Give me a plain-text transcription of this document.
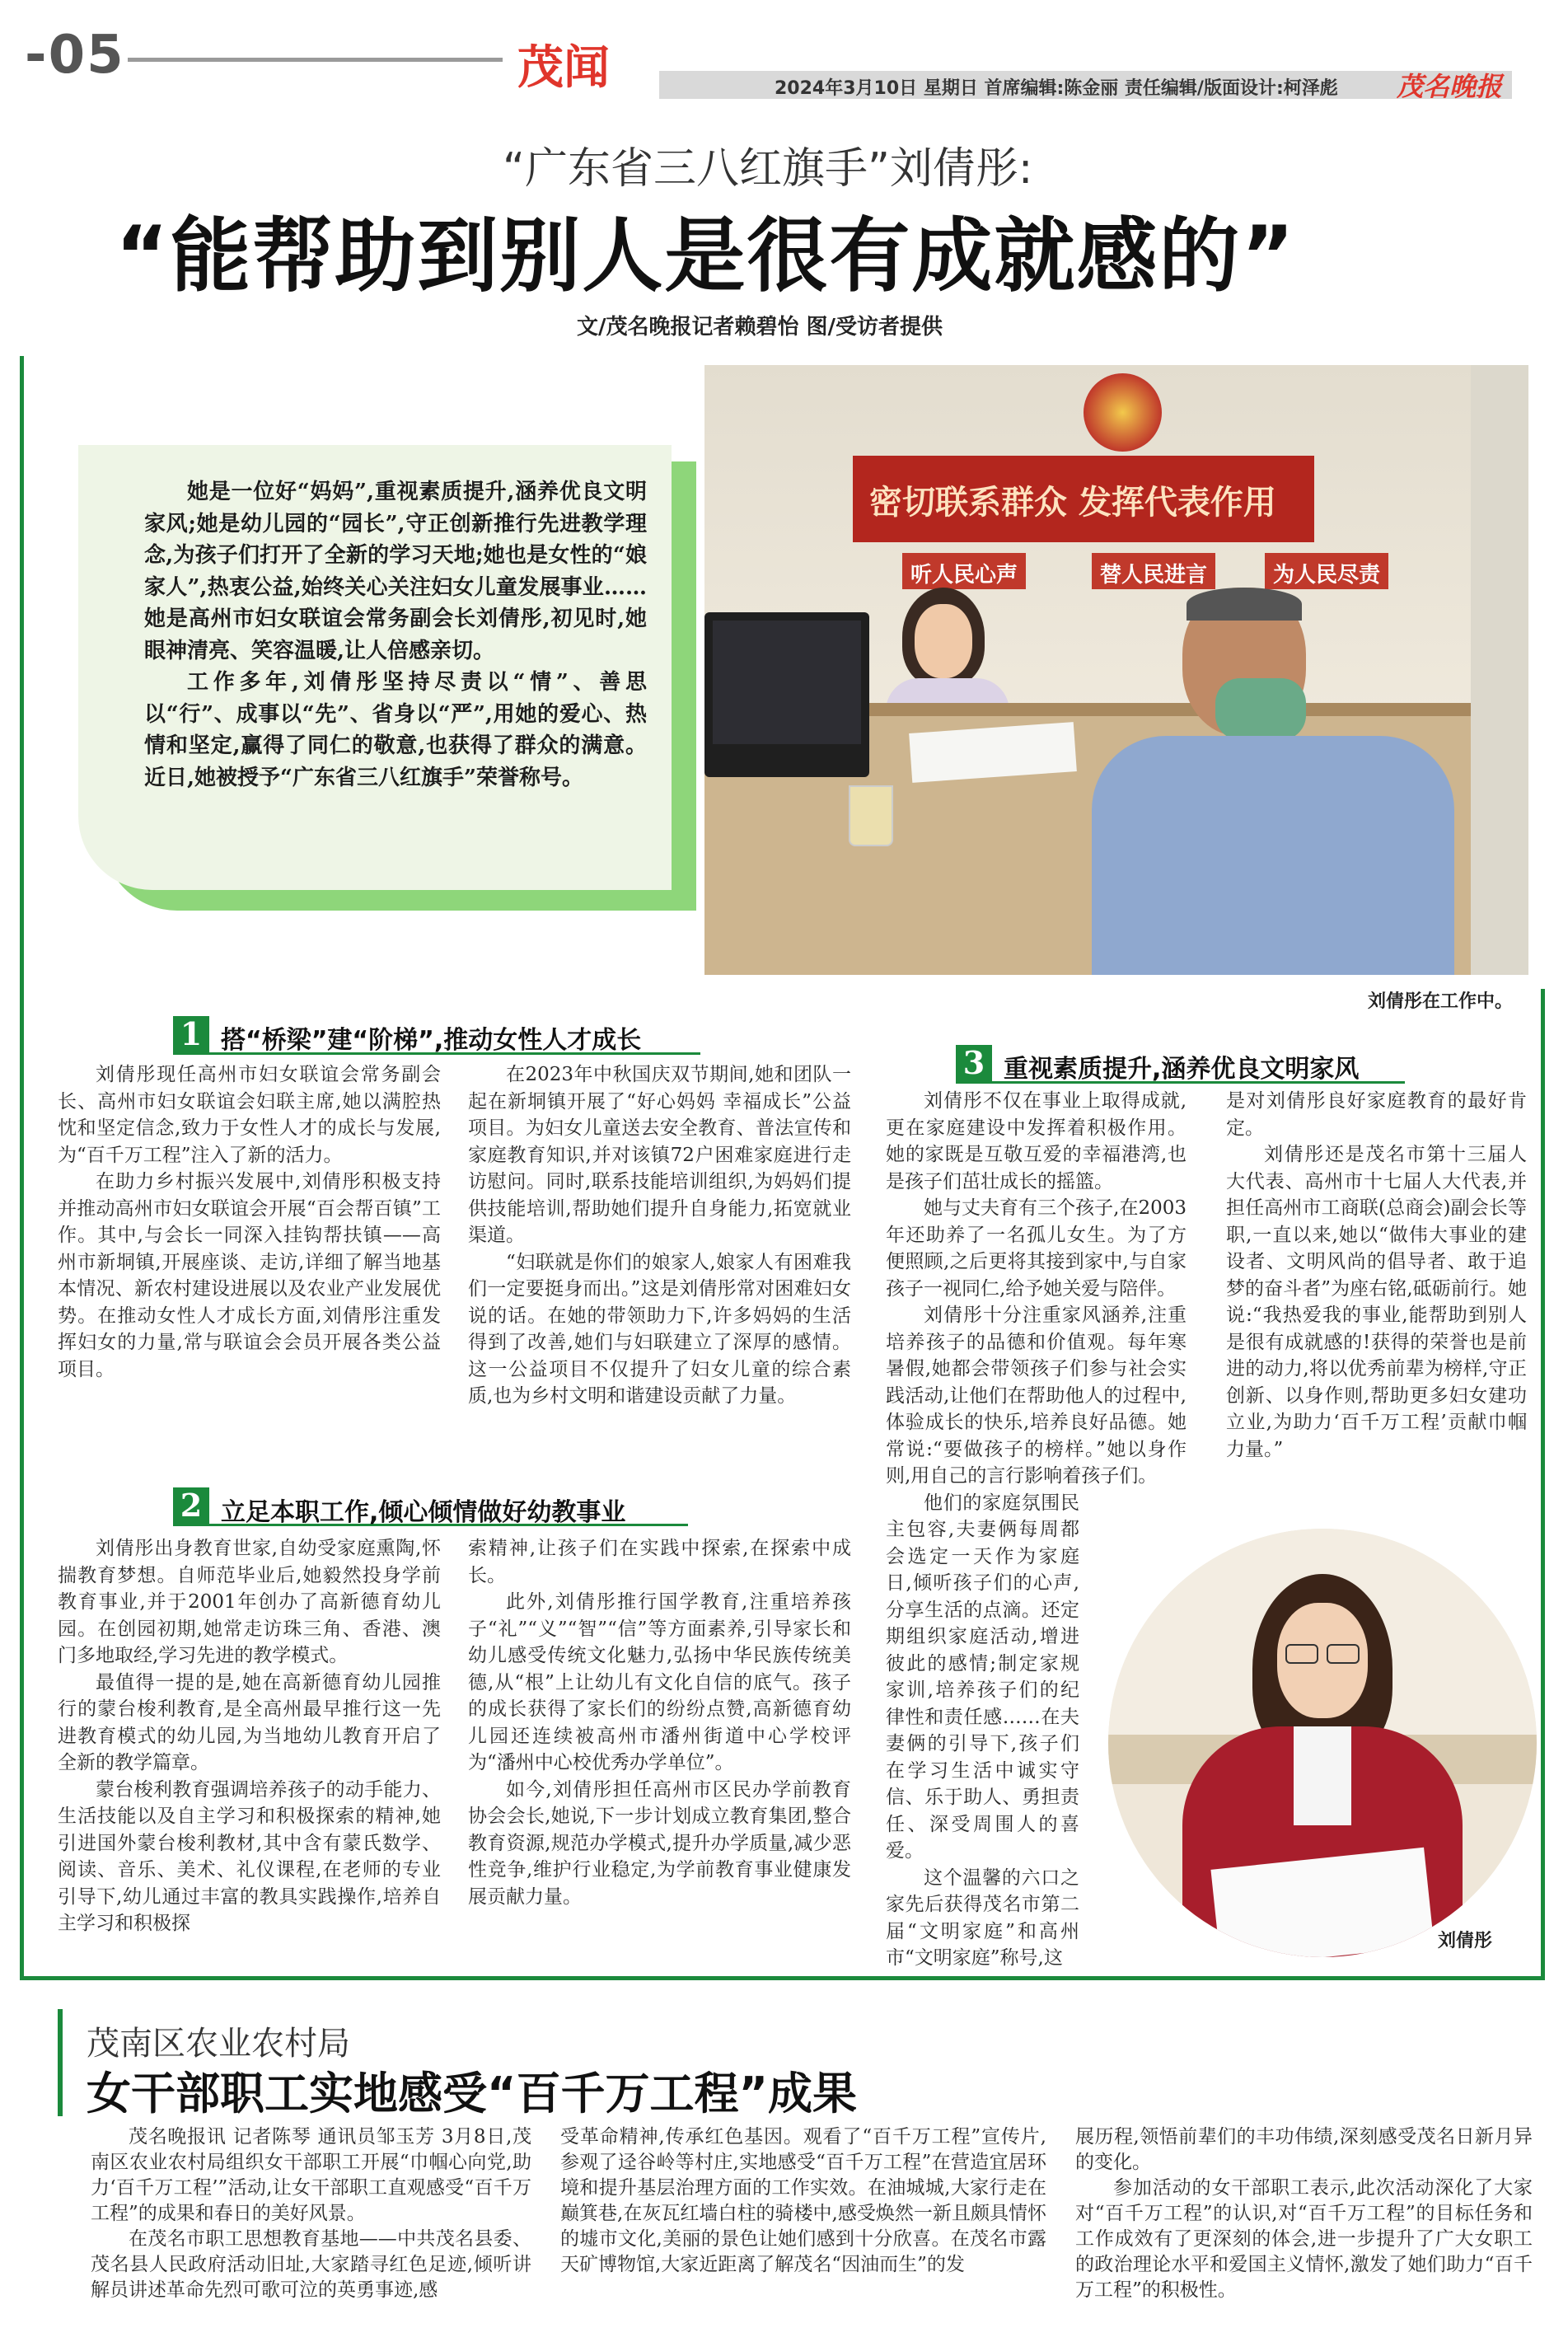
-05	茂闻	2024年3月10日 星期日 首席编辑:陈金丽 责任编辑/版面设计:柯泽彪 茂名晚报
“广东省三八红旗手”刘倩彤:
“能帮助到别人是很有成就感的”
文/茂名晚报记者赖碧怡 图/受访者提供

她是一位好“妈妈”,重视素质提升,涵养优良文明家风;她是幼儿园的“园长”,守正创新推行先进教学理念,为孩子们打开了全新的学习天地;她也是女性的“娘家人”,热衷公益,始终关心关注妇女儿童发展事业……她是高州市妇女联谊会常务副会长刘倩彤,初见时,她眼神清亮、笑容温暖,让人倍感亲切。

工作多年,刘倩彤坚持尽责以“情”、善思以“行”、成事以“先”、省身以“严”,用她的爱心、热情和坚定,赢得了同仁的敬意,也获得了群众的满意。近日,她被授予“广东省三八红旗手”荣誉称号。

密切联系群众 发挥代表作用
听人民心声	替人民进言	为人民尽责
刘倩彤在工作中。
1 搭“桥梁”建“阶梯”,推动女性人才成长

刘倩彤现任高州市妇女联谊会常务副会长、高州市妇女联谊会妇联主席,她以满腔热忱和坚定信念,致力于女性人才的成长与发展,为“百千万工程”注入了新的活力。

在助力乡村振兴发展中,刘倩彤积极支持并推动高州市妇女联谊会开展“百会帮百镇”工作。其中,与会长一同深入挂钩帮扶镇——高州市新垌镇,开展座谈、走访,详细了解当地基本情况、新农村建设进展以及农业产业发展优势。在推动女性人才成长方面,刘倩彤注重发挥妇女的力量,常与联谊会会员开展各类公益项目。

在2023年中秋国庆双节期间,她和团队一起在新垌镇开展了“好心妈妈 幸福成长”公益项目。为妇女儿童送去安全教育、普法宣传和家庭教育知识,并对该镇72户困难家庭进行走访慰问。同时,联系技能培训组织,为妈妈们提供技能培训,帮助她们提升自身能力,拓宽就业渠道。

“妇联就是你们的娘家人,娘家人有困难我们一定要挺身而出。”这是刘倩彤常对困难妇女说的话。在她的带领助力下,许多妈妈的生活得到了改善,她们与妇联建立了深厚的感情。这一公益项目不仅提升了妇女儿童的综合素质,也为乡村文明和谐建设贡献了力量。

2 立足本职工作,倾心倾情做好幼教事业

刘倩彤出身教育世家,自幼受家庭熏陶,怀揣教育梦想。自师范毕业后,她毅然投身学前教育事业,并于2001年创办了高新德育幼儿园。在创园初期,她常走访珠三角、香港、澳门多地取经,学习先进的教学模式。

最值得一提的是,她在高新德育幼儿园推行的蒙台梭利教育,是全高州最早推行这一先进教育模式的幼儿园,为当地幼儿教育开启了全新的教学篇章。

蒙台梭利教育强调培养孩子的动手能力、生活技能以及自主学习和积极探索的精神,她引进国外蒙台梭利教材,其中含有蒙氏数学、阅读、音乐、美术、礼仪课程,在老师的专业引导下,幼儿通过丰富的教具实践操作,培养自主学习和积极探

索精神,让孩子们在实践中探索,在探索中成长。

此外,刘倩彤推行国学教育,注重培养孩子“礼”“义”“智”“信”等方面素养,引导家长和幼儿感受传统文化魅力,弘扬中华民族传统美德,从“根”上让幼儿有文化自信的底气。孩子的成长获得了家长们的纷纷点赞,高新德育幼儿园还连续被高州市潘州街道中心学校评为“潘州中心校优秀办学单位”。

如今,刘倩彤担任高州市区民办学前教育协会会长,她说,下一步计划成立教育集团,整合教育资源,规范办学模式,提升办学质量,减少恶性竞争,维护行业稳定,为学前教育事业健康发展贡献力量。

3 重视素质提升,涵养优良文明家风

刘倩彤不仅在事业上取得成就,更在家庭建设中发挥着积极作用。她的家既是互敬互爱的幸福港湾,也是孩子们茁壮成长的摇篮。

她与丈夫育有三个孩子,在2003年还助养了一名孤儿女生。为了方便照顾,之后更将其接到家中,与自家孩子一视同仁,给予她关爱与陪伴。

刘倩彤十分注重家风涵养,注重培养孩子的品德和价值观。每年寒暑假,她都会带领孩子们参与社会实践活动,让他们在帮助他人的过程中,体验成长的快乐,培养良好品德。她常说:“要做孩子的榜样。”她以身作则,用自己的言行影响着孩子们。

他们的家庭氛围民主包容,夫妻俩每周都会选定一天作为家庭日,倾听孩子们的心声,分享生活的点滴。还定期组织家庭活动,增进彼此的感情;制定家规家训,培养孩子们的纪律性和责任感……在夫妻俩的引导下,孩子们在学习生活中诚实守信、乐于助人、勇担责任、深受周围人的喜爱。

这个温馨的六口之家先后获得茂名市第二届“文明家庭”和高州市“文明家庭”称号,这

是对刘倩彤良好家庭教育的最好肯定。

刘倩彤还是茂名市第十三届人大代表、高州市十七届人大代表,并担任高州市工商联(总商会)副会长等职,一直以来,她以“做伟大事业的建设者、文明风尚的倡导者、敢于追梦的奋斗者”为座右铭,砥砺前行。她说:“我热爱我的事业,能帮助到别人是很有成就感的!获得的荣誉也是前进的动力,将以优秀前辈为榜样,守正创新、以身作则,帮助更多妇女建功立业,为助力‘百千万工程’贡献巾帼力量。”

刘倩彤
茂南区农业农村局
女干部职工实地感受“百千万工程”成果

茂名晚报讯 记者陈琴 通讯员邹玉芳 3月8日,茂南区农业农村局组织女干部职工开展“巾帼心向党,助力‘百千万工程’”活动,让女干部职工直观感受“百千万工程”的成果和春日的美好风景。

在茂名市职工思想教育基地——中共茂名县委、茂名县人民政府活动旧址,大家踏寻红色足迹,倾听讲解员讲述革命先烈可歌可泣的英勇事迹,感

受革命精神,传承红色基因。观看了“百千万工程”宣传片,参观了迳谷岭等村庄,实地感受“百千万工程”在营造宜居环境和提升基层治理方面的工作实效。在油城城,大家行走在巅箕巷,在灰瓦红墙白柱的骑楼中,感受焕然一新且颇具情怀的墟市文化,美丽的景色让她们感到十分欣喜。在茂名市露天矿博物馆,大家近距离了解茂名“因油而生”的发

展历程,领悟前辈们的丰功伟绩,深刻感受茂名日新月异的变化。

参加活动的女干部职工表示,此次活动深化了大家对“百千万工程”的认识,对“百千万工程”的目标任务和工作成效有了更深刻的体会,进一步提升了广大女职工的政治理论水平和爱国主义情怀,激发了她们助力“百千万工程”的积极性。
